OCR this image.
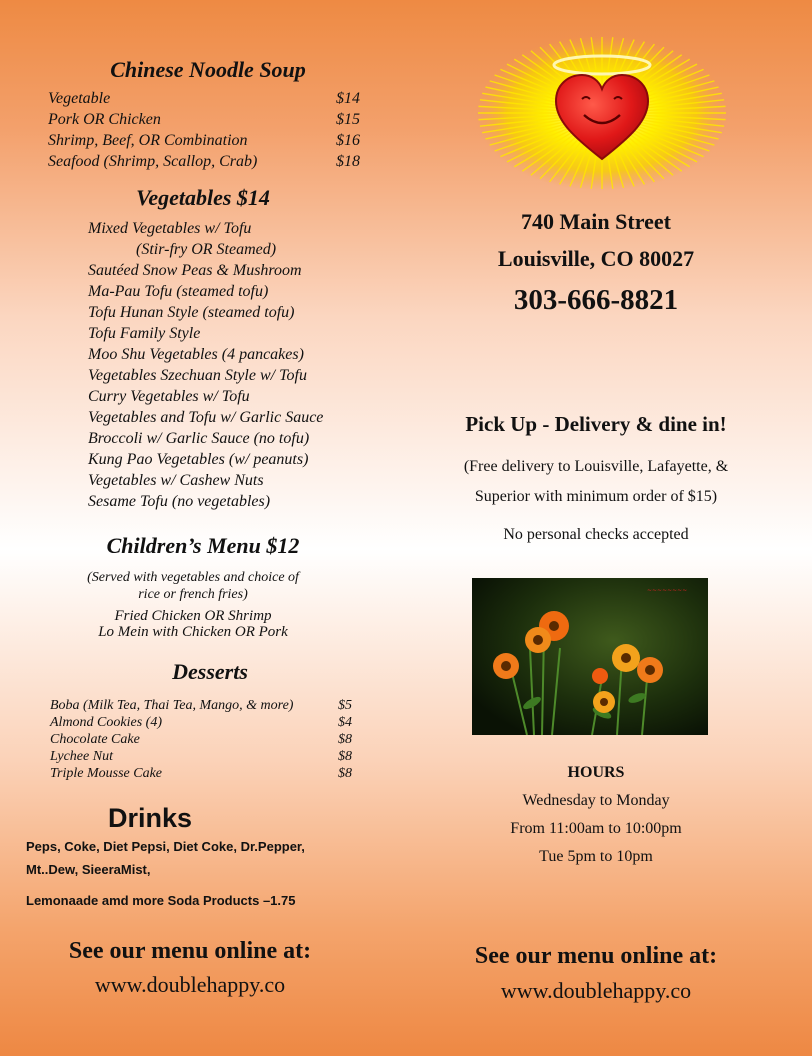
Chinese Noodle Soup
Vegetable	$14
Pork OR Chicken	$15
Shrimp, Beef, OR Combination	$16
Seafood (Shrimp, Scallop, Crab)	$18
Vegetables $14
Mixed Vegetables w/ Tofu
(Stir-fry OR Steamed)
Sautéed Snow Peas & Mushroom
Ma-Pau Tofu (steamed tofu)
Tofu Hunan Style (steamed tofu)
Tofu Family Style
Moo Shu Vegetables (4 pancakes)
Vegetables Szechuan Style w/ Tofu
Curry Vegetables w/ Tofu
Vegetables and Tofu w/ Garlic Sauce
Broccoli w/ Garlic Sauce (no tofu)
Kung Pao Vegetables (w/ peanuts)
Vegetables w/ Cashew Nuts
Sesame Tofu (no vegetables)
Children’s Menu $12
(Served with vegetables and choice of
rice or french fries)
Fried Chicken OR Shrimp
Lo Mein with Chicken OR Pork
Desserts
Boba (Milk Tea, Thai Tea, Mango, & more)	$5
Almond Cookies (4)	$4
Chocolate Cake	$8
Lychee Nut	$8
Triple Mousse Cake	$8
Drinks
Peps, Coke, Diet Pepsi, Diet Coke, Dr.Pepper,
Mt..Dew, SieeraMist,
Lemonaade amd more Soda Products –1.75
See our menu online at:
www.doublehappy.co
740 Main Street
Louisville, CO 80027
303-666-8821
Pick Up - Delivery & dine in!
(Free delivery to Louisville, Lafayette, &
Superior with minimum order of $15)
No personal checks accepted
~~~~~~~~
HOURS
Wednesday to Monday
From 11:00am to 10:00pm
Tue 5pm to 10pm
See our menu online at:
www.doublehappy.co
